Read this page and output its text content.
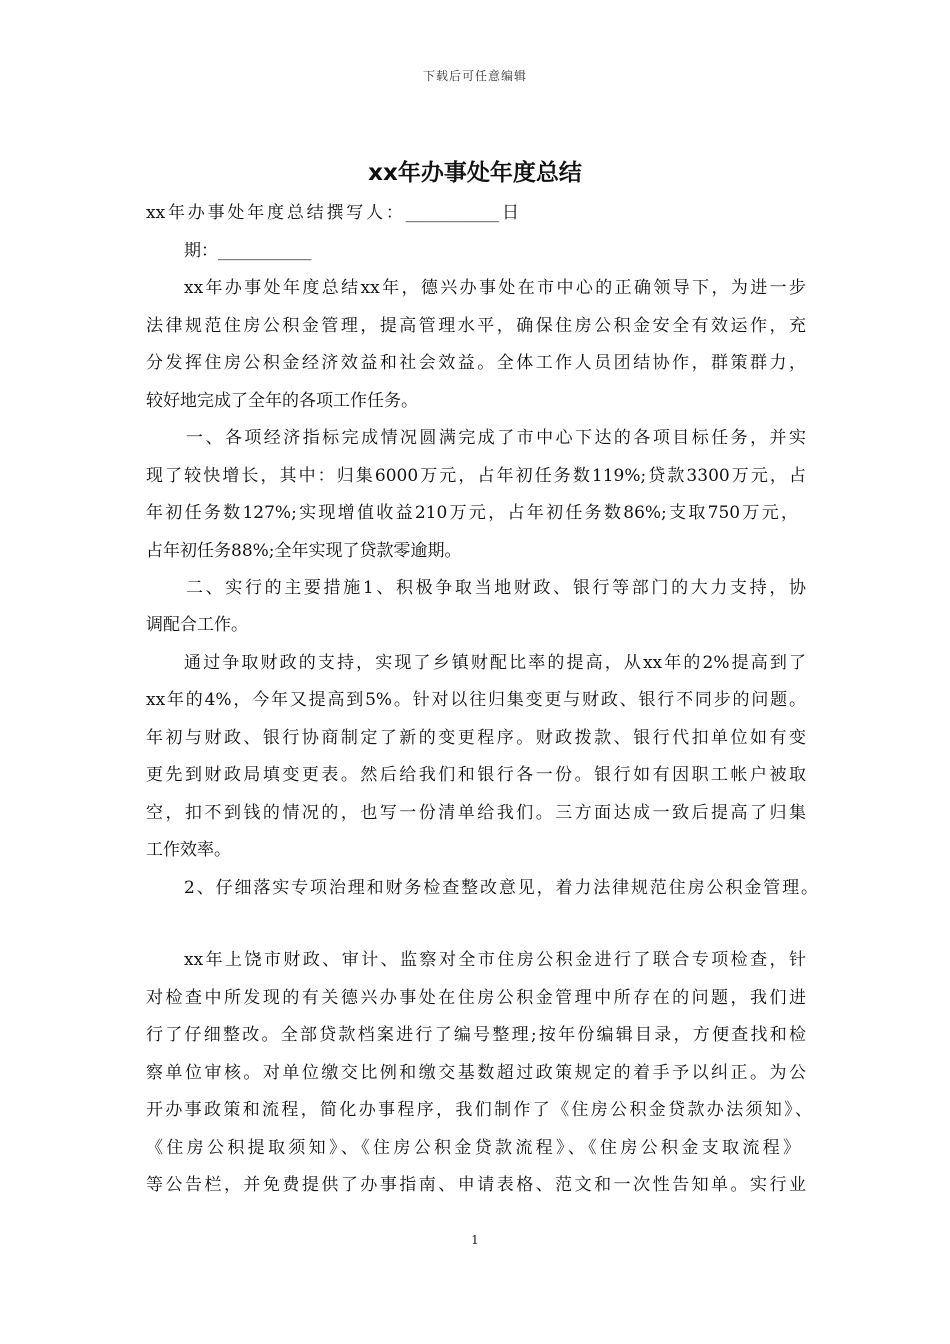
下载后可任意编辑
xx年办事处年度总结
xx年办事处年度总结撰写人：___________日
期：___________
xx年办事处年度总结xx年，德兴办事处在市中心的正确领导下，为进一步
法律规范住房公积金管理，提高管理水平，确保住房公积金安全有效运作，充
分发挥住房公积金经济效益和社会效益。全体工作人员团结协作，群策群力，
较好地完成了全年的各项工作任务。
一、各项经济指标完成情况圆满完成了市中心下达的各项目标任务，并实
现了较快增长，其中：归集6000万元，占年初任务数119%;贷款3300万元，占
年初任务数127%;实现增值收益210万元，占年初任务数86%;支取750万元，
占年初任务88%;全年实现了贷款零逾期。
二、实行的主要措施1、积极争取当地财政、银行等部门的大力支持，协
调配合工作。
通过争取财政的支持，实现了乡镇财配比率的提高，从xx年的2%提高到了
xx年的4%，今年又提高到5%。针对以往归集变更与财政、银行不同步的问题。
年初与财政、银行协商制定了新的变更程序。财政拨款、银行代扣单位如有变
更先到财政局填变更表。然后给我们和银行各一份。银行如有因职工帐户被取
空，扣不到钱的情况的，也写一份清单给我们。三方面达成一致后提高了归集
工作效率。
2、仔细落实专项治理和财务检查整改意见，着力法律规范住房公积金管理。
xx年上饶市财政、审计、监察对全市住房公积金进行了联合专项检查，针
对检查中所发现的有关德兴办事处在住房公积金管理中所存在的问题，我们进
行了仔细整改。全部贷款档案进行了编号整理;按年份编辑目录，方便查找和检
察单位审核。对单位缴交比例和缴交基数超过政策规定的着手予以纠正。为公
开办事政策和流程，简化办事程序，我们制作了《住房公积金贷款办法须知》、
《住房公积提取须知》、《住房公积金贷款流程》、《住房公积金支取流程》
等公告栏，并免费提供了办事指南、申请表格、范文和一次性告知单。实行业
1
